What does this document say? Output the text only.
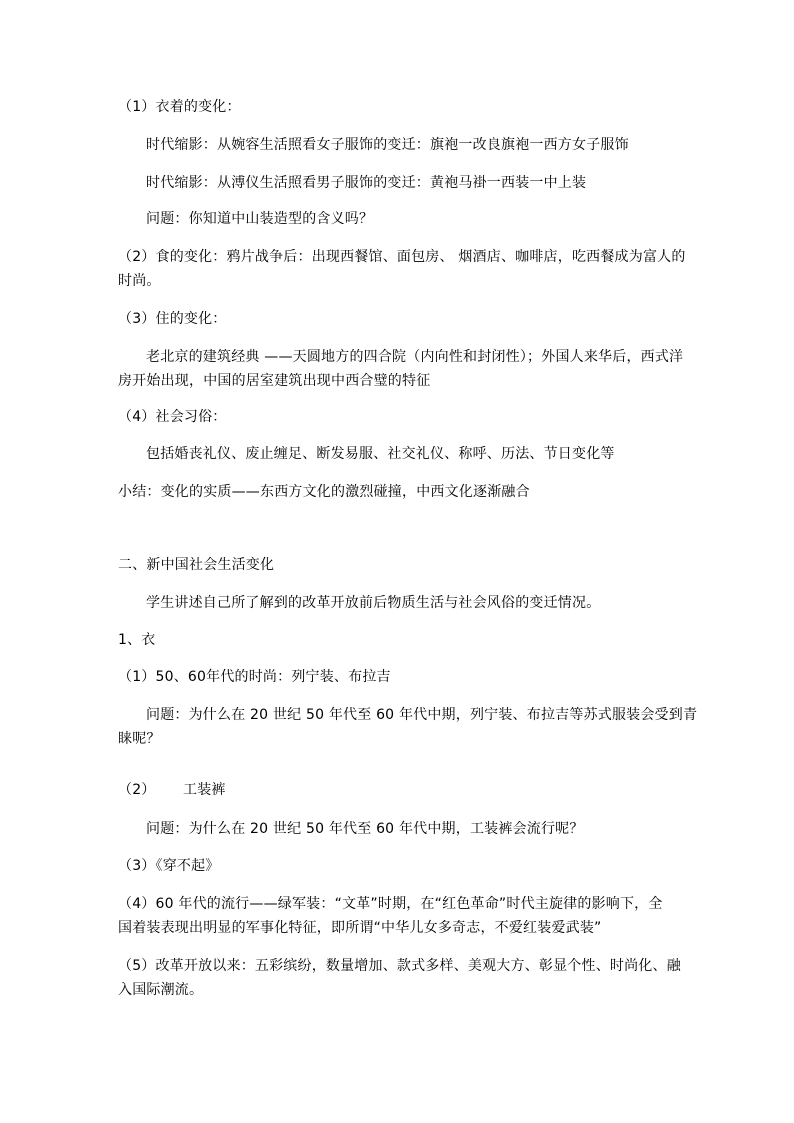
（1）衣着的变化：
时代缩影：从婉容生活照看女子服饰的变迁：旗袍一改良旗袍一西方女子服饰
时代缩影：从溥仪生活照看男子服饰的变迁：黄袍马褂一西装一中上装
问题：你知道中山装造型的含义吗？
（2）食的变化：鸦片战争后：出现西餐馆、面包房、 烟酒店、咖啡店，吃西餐成为富人的
时尚。
（3）住的变化：
老北京的建筑经典 ——天圆地方的四合院（内向性和封闭性）；外国人来华后，西式洋
房开始出现，中国的居室建筑出现中西合璧的特征
（4）社会习俗：
包括婚丧礼仪、废止缠足、断发易服、社交礼仪、称呼、历法、节日变化等
小结：变化的实质——东西方文化的激烈碰撞，中西文化逐渐融合
二、新中国社会生活变化
学生讲述自己所了解到的改革开放前后物质生活与社会风俗的变迁情况。
1、衣
（1）50、60年代的时尚：列宁装、布拉吉
问题：为什么在 20 世纪 50 年代至 60 年代中期，列宁装、布拉吉等苏式服装会受到青
睐呢？
（2） 工装裤
问题：为什么在 20 世纪 50 年代至 60 年代中期，工装裤会流行呢？
（3）《穿不起》
（4）60 年代的流行——绿军装：“文革”时期，在“红色革命”时代主旋律的影响下，全
国着装表现出明显的军事化特征，即所谓“中华儿女多奇志，不爱红装爱武装”
（5）改革开放以来：五彩缤纷，数量增加、款式多样、美观大方、彰显个性、时尚化、融
入国际潮流。
